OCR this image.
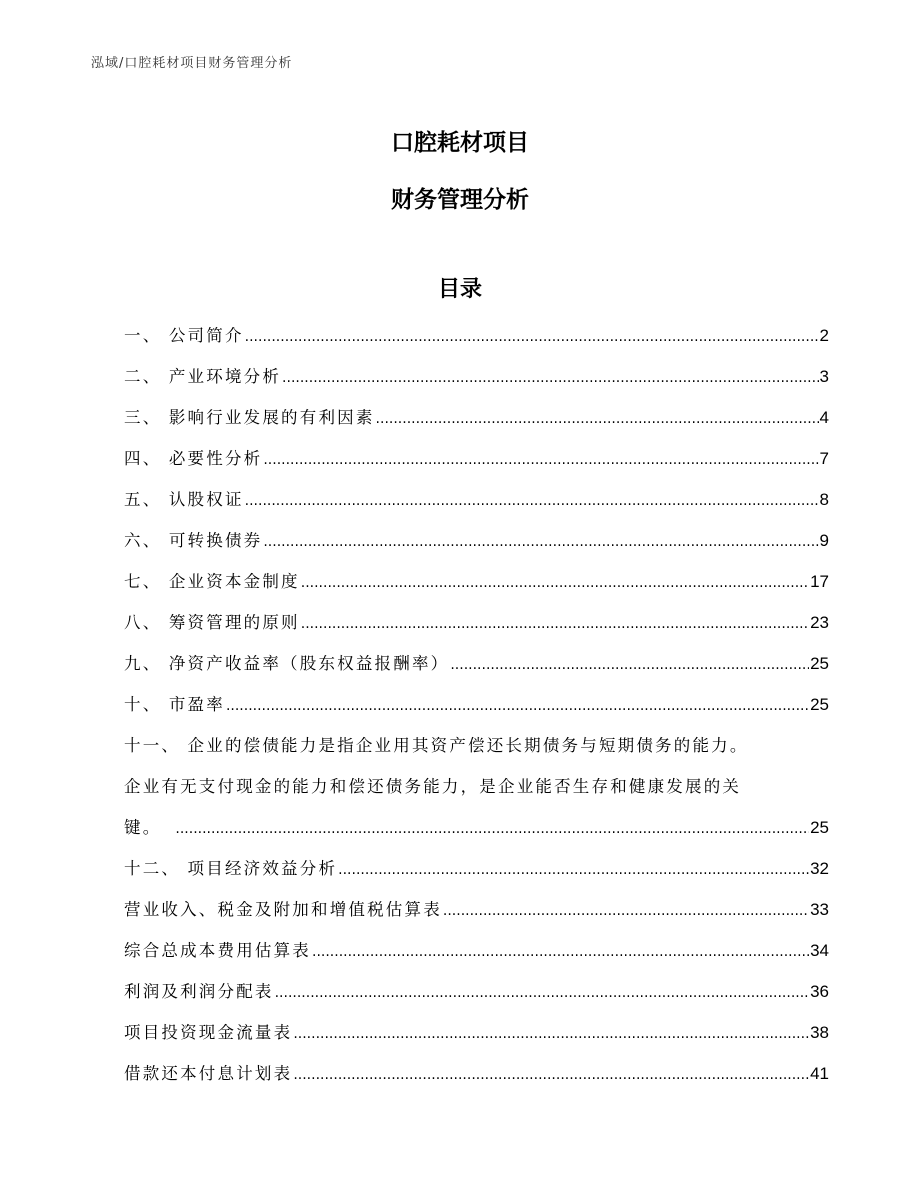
泓域/口腔耗材项目财务管理分析
口腔耗材项目
财务管理分析
目录
一、 公司简介 .....	2
二、 产业环境分析 .....	3
三、 影响行业发展的有利因素 .....	4
四、 必要性分析 .....	7
五、 认股权证 .....	8
六、 可转换债券 .....	9
七、 企业资本金制度 .....	17
八、 筹资管理的原则 .....	23
九、 净资产收益率（股东权益报酬率） .....	25
十、 市盈率 .....	25
十一、 企业的偿债能力是指企业用其资产偿还长期债务与短期债务的能力。
企业有无支付现金的能力和偿还债务能力，是企业能否生存和健康发展的关
键。 .....	25
十二、 项目经济效益分析 .....	32
营业收入、税金及附加和增值税估算表 .....	33
综合总成本费用估算表 .....	34
利润及利润分配表 .....	36
项目投资现金流量表 .....	38
借款还本付息计划表 .....	41
